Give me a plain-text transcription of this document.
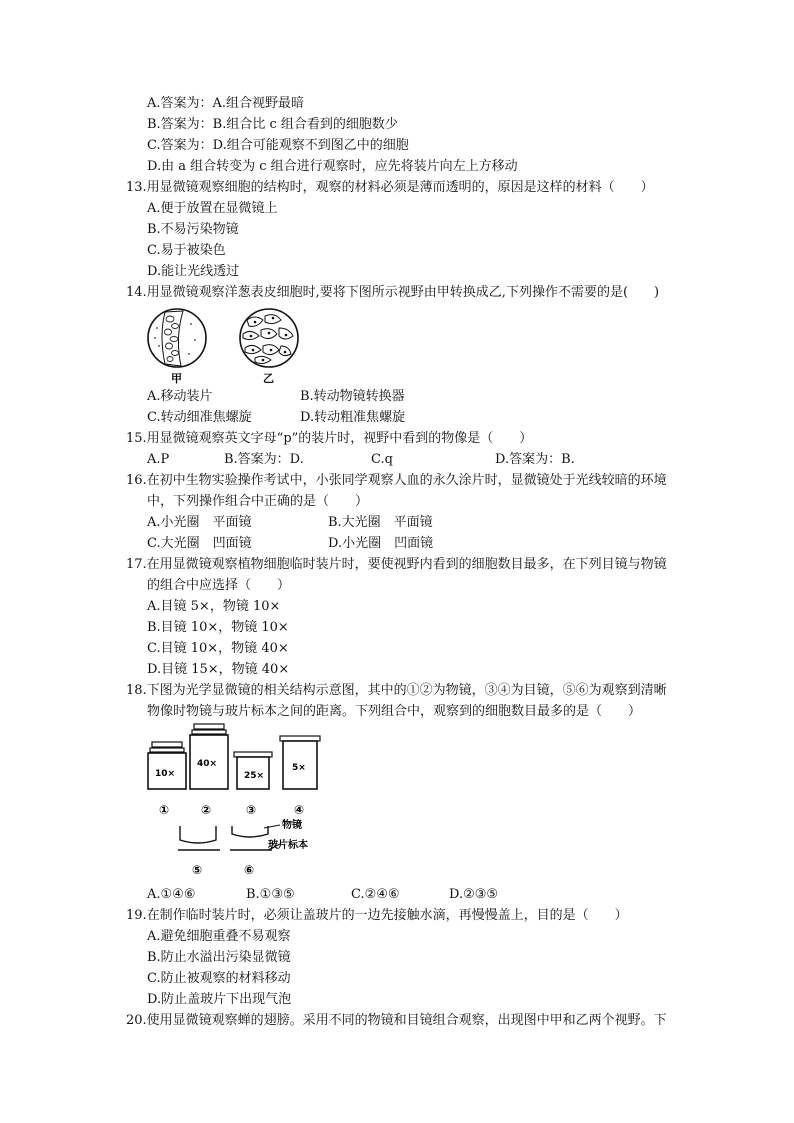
A.答案为：A.组合视野最暗
B.答案为：B.组合比 c 组合看到的细胞数少
C.答案为：D.组合可能观察不到图乙中的细胞
D.由 a 组合转变为 c 组合进行观察时，应先将装片向左上方移动
13.用显微镜观察细胞的结构时，观察的材料必须是薄而透明的，原因是这样的材料（　　）
A.便于放置在显微镜上
B.不易污染物镜
C.易于被染色
D.能让光线透过
14.用显微镜观察洋葱表皮细胞时,要将下图所示视野由甲转换成乙,下列操作不需要的是(　　)
甲	乙
A.移动装片	B.转动物镜转换器
C.转动细准焦螺旋	D.转动粗准焦螺旋
15.用显微镜观察英文字母“p”的装片时，视野中看到的物像是（　　）
A.P	B.答案为：D.	C.q	D.答案为：B.
16.在初中生物实验操作考试中，小张同学观察人血的永久涂片时，显微镜处于光线较暗的环境
中，下列操作组合中正确的是（　　）
A.小光圈　平面镜	B.大光圈　平面镜
C.大光圈　凹面镜	D.小光圈　凹面镜
17.在用显微镜观察植物细胞临时装片时，要使视野内看到的细胞数目最多，在下列目镜与物镜
的组合中应选择（　　）
A.目镜 5×，物镜 10×
B.目镜 10×，物镜 10×
C.目镜 10×，物镜 40×
D.目镜 15×，物镜 40×
18.下图为光学显微镜的相关结构示意图，其中的①②为物镜，③④为目镜，⑤⑥为观察到清晰
物像时物镜与玻片标本之间的距离。下列组合中，观察到的细胞数目最多的是（　　）
10×
①
40×
②
25×
③
5×
④
⑤	⑥
物镜
玻片标本
A.①④⑥	B.①③⑤	C.②④⑥	D.②③⑤
19.在制作临时装片时，必须让盖玻片的一边先接触水滴，再慢慢盖上，目的是（　　）
A.避免细胞重叠不易观察
B.防止水溢出污染显微镜
C.防止被观察的材料移动
D.防止盖玻片下出现气泡
20.使用显微镜观察蝉的翅膀。采用不同的物镜和目镜组合观察，出现图中甲和乙两个视野。下
